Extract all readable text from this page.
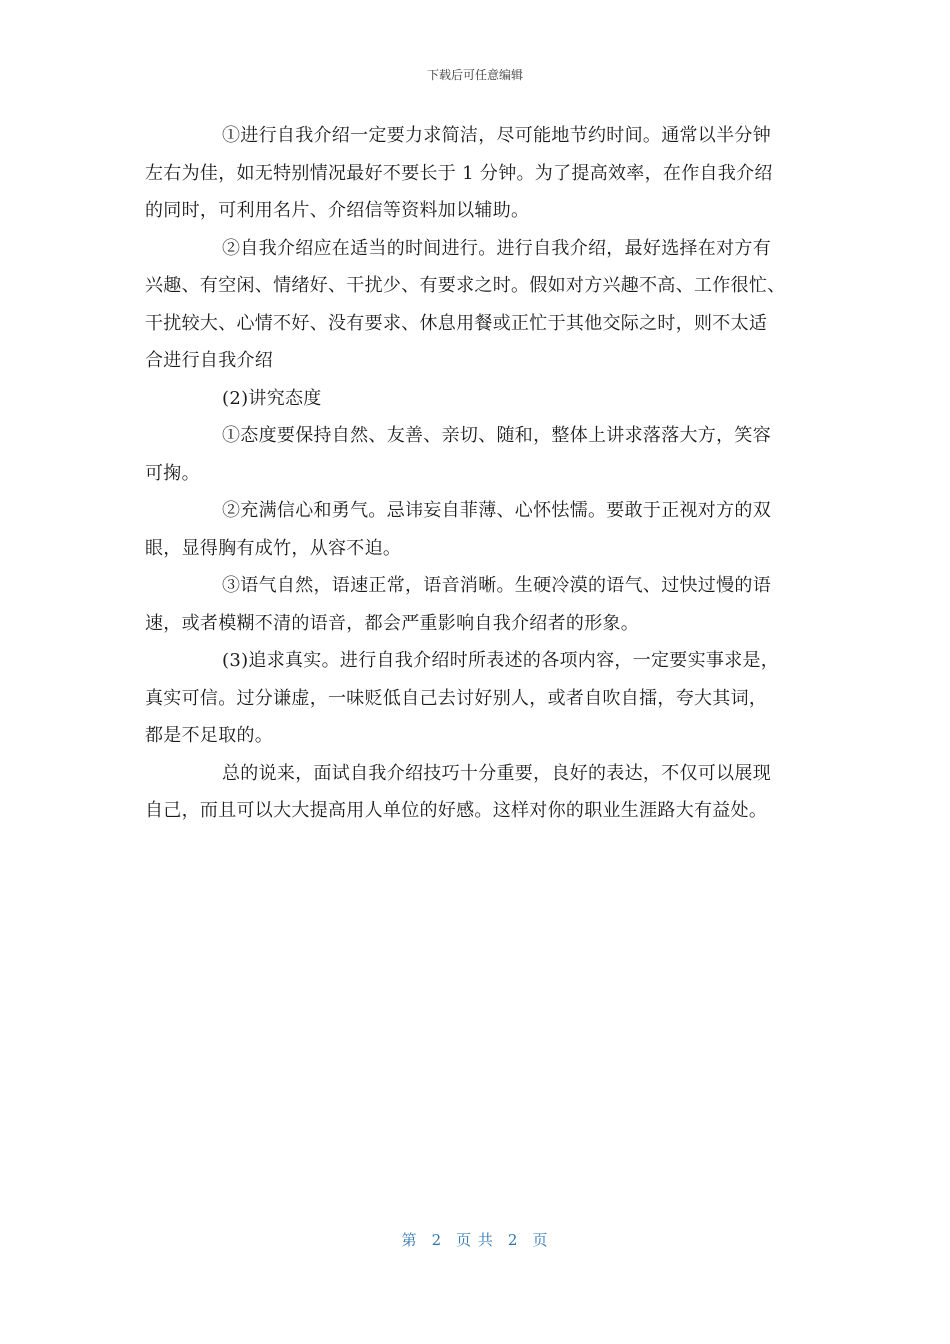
下载后可任意编辑

①进行自我介绍一定要力求简洁，尽可能地节约时间。通常以半分钟
左右为佳，如无特别情况最好不要长于 1 分钟。为了提高效率，在作自我介绍
的同时，可利用名片、介绍信等资料加以辅助。

②自我介绍应在适当的时间进行。进行自我介绍，最好选择在对方有
兴趣、有空闲、情绪好、干扰少、有要求之时。假如对方兴趣不高、工作很忙、
干扰较大、心情不好、没有要求、休息用餐或正忙于其他交际之时，则不太适
合进行自我介绍

(2)讲究态度

①态度要保持自然、友善、亲切、随和，整体上讲求落落大方，笑容
可掬。

②充满信心和勇气。忌讳妄自菲薄、心怀怯懦。要敢于正视对方的双
眼，显得胸有成竹，从容不迫。

③语气自然，语速正常，语音消晰。生硬冷漠的语气、过快过慢的语
速，或者模糊不清的语音，都会严重影响自我介绍者的形象。

(3)追求真实。进行自我介绍时所表述的各项内容，一定要实事求是，
真实可信。过分谦虚，一味贬低自己去讨好别人，或者自吹自擂，夸大其词，
都是不足取的。

总的说来，面试自我介绍技巧十分重要，良好的表达，不仅可以展现
自己，而且可以大大提高用人单位的好感。这样对你的职业生涯路大有益处。

第 2 页 共 2 页
